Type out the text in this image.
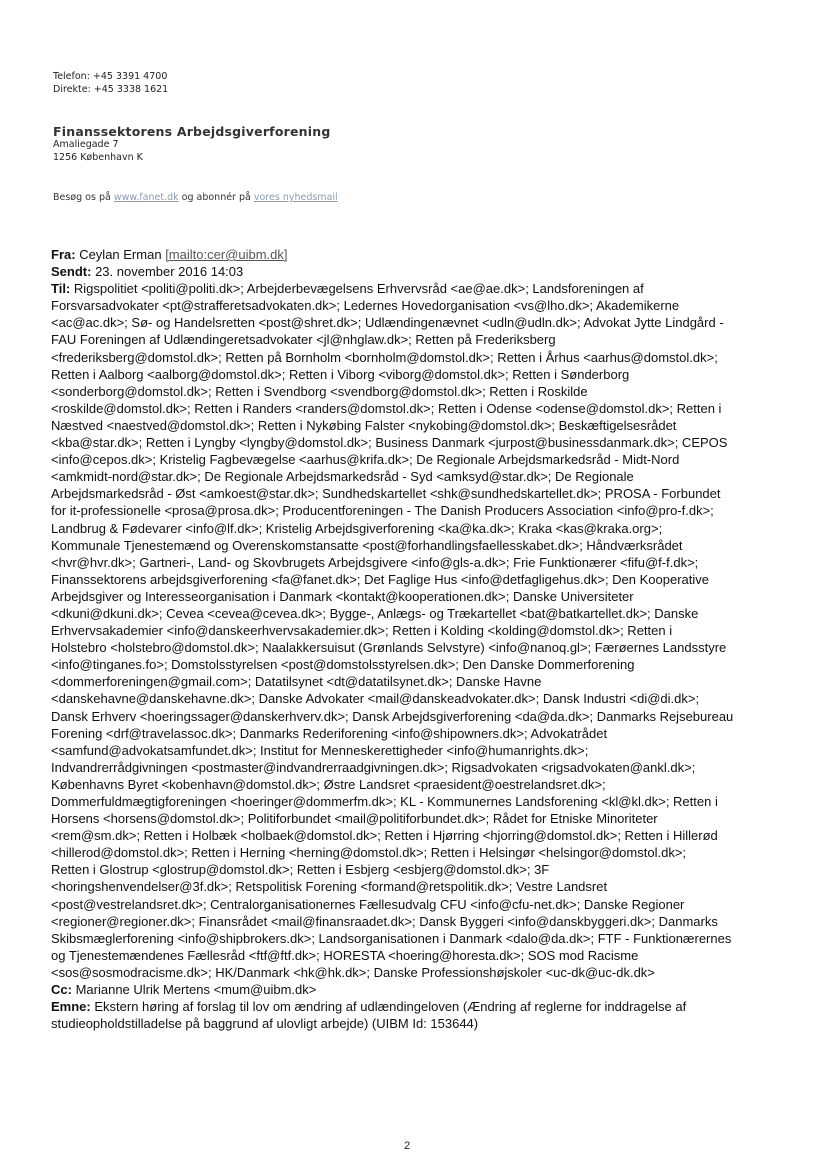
Telefon: +45 3391 4700
Direkte: +45 3338 1621
Finanssektorens Arbejdsgiverforening
Amaliegade 7
1256 København K
Besøg os på www.fanet.dk og abonnér på vores nyhedsmail

Fra: Ceylan Erman [mailto:cer@uibm.dk]

Sendt: 23. november 2016 14:03

Til: Rigspolitiet <politi@politi.dk>; Arbejderbevægelsens Erhvervsråd <ae@ae.dk>; Landsforeningen af
Forsvarsadvokater <pt@strafferetsadvokaten.dk>; Ledernes Hovedorganisation <vs@lho.dk>; Akademikerne
<ac@ac.dk>; Sø- og Handelsretten <post@shret.dk>; Udlændingenævnet <udln@udln.dk>; Advokat Jytte Lindgård -
FAU Foreningen af Udlændingeretsadvokater <jl@nhglaw.dk>; Retten på Frederiksberg
<frederiksberg@domstol.dk>; Retten på Bornholm <bornholm@domstol.dk>; Retten i Århus <aarhus@domstol.dk>;
Retten i Aalborg <aalborg@domstol.dk>; Retten i Viborg <viborg@domstol.dk>; Retten i Sønderborg
<sonderborg@domstol.dk>; Retten i Svendborg <svendborg@domstol.dk>; Retten i Roskilde
<roskilde@domstol.dk>; Retten i Randers <randers@domstol.dk>; Retten i Odense <odense@domstol.dk>; Retten i
Næstved <naestved@domstol.dk>; Retten i Nykøbing Falster <nykobing@domstol.dk>; Beskæftigelsesrådet
<kba@star.dk>; Retten i Lyngby <lyngby@domstol.dk>; Business Danmark <jurpost@businessdanmark.dk>; CEPOS
<info@cepos.dk>; Kristelig Fagbevægelse <aarhus@krifa.dk>; De Regionale Arbejdsmarkedsråd - Midt-Nord
<amkmidt-nord@star.dk>; De Regionale Arbejdsmarkedsråd - Syd <amksyd@star.dk>; De Regionale
Arbejdsmarkedsråd - Øst <amkoest@star.dk>; Sundhedskartellet <shk@sundhedskartellet.dk>; PROSA - Forbundet
for it-professionelle <prosa@prosa.dk>; Producentforeningen - The Danish Producers Association <info@pro-f.dk>;
Landbrug & Fødevarer <info@lf.dk>; Kristelig Arbejdsgiverforening <ka@ka.dk>; Kraka <kas@kraka.org>;
Kommunale Tjenestemænd og Overenskomstansatte <post@forhandlingsfaellesskabet.dk>; Håndværksrådet
<hvr@hvr.dk>; Gartneri-, Land- og Skovbrugets Arbejdsgivere <info@gls-a.dk>; Frie Funktionærer <fifu@f-f.dk>;
Finanssektorens arbejdsgiverforening <fa@fanet.dk>; Det Faglige Hus <info@detfagligehus.dk>; Den Kooperative
Arbejdsgiver og Interesseorganisation i Danmark <kontakt@kooperationen.dk>; Danske Universiteter
<dkuni@dkuni.dk>; Cevea <cevea@cevea.dk>; Bygge-, Anlægs- og Trækartellet <bat@batkartellet.dk>; Danske
Erhvervsakademier <info@danskeerhvervsakademier.dk>; Retten i Kolding <kolding@domstol.dk>; Retten i
Holstebro <holstebro@domstol.dk>; Naalakkersuisut (Grønlands Selvstyre) <info@nanoq.gl>; Færøernes Landsstyre
<info@tinganes.fo>; Domstolsstyrelsen <post@domstolsstyrelsen.dk>; Den Danske Dommerforening
<dommerforeningen@gmail.com>; Datatilsynet <dt@datatilsynet.dk>; Danske Havne
<danskehavne@danskehavne.dk>; Danske Advokater <mail@danskeadvokater.dk>; Dansk Industri <di@di.dk>;
Dansk Erhverv <hoeringssager@danskerhverv.dk>; Dansk Arbejdsgiverforening <da@da.dk>; Danmarks Rejsebureau
Forening <drf@travelassoc.dk>; Danmarks Rederiforening <info@shipowners.dk>; Advokatrådet
<samfund@advokatsamfundet.dk>; Institut for Menneskerettigheder <info@humanrights.dk>;
Indvandrerrådgivningen <postmaster@indvandrerraadgivningen.dk>; Rigsadvokaten <rigsadvokaten@ankl.dk>;
Københavns Byret <kobenhavn@domstol.dk>; Østre Landsret <praesident@oestrelandsret.dk>;
Dommerfuldmægtigforeningen <hoeringer@dommerfm.dk>; KL - Kommunernes Landsforening <kl@kl.dk>; Retten i
Horsens <horsens@domstol.dk>; Politiforbundet <mail@politiforbundet.dk>; Rådet for Etniske Minoriteter
<rem@sm.dk>; Retten i Holbæk <holbaek@domstol.dk>; Retten i Hjørring <hjorring@domstol.dk>; Retten i Hillerød
<hillerod@domstol.dk>; Retten i Herning <herning@domstol.dk>; Retten i Helsingør <helsingor@domstol.dk>;
Retten i Glostrup <glostrup@domstol.dk>; Retten i Esbjerg <esbjerg@domstol.dk>; 3F
<horingshenvendelser@3f.dk>; Retspolitisk Forening <formand@retspolitik.dk>; Vestre Landsret
<post@vestrelandsret.dk>; Centralorganisationernes Fællesudvalg CFU <info@cfu-net.dk>; Danske Regioner
<regioner@regioner.dk>; Finansrådet <mail@finansraadet.dk>; Dansk Byggeri <info@danskbyggeri.dk>; Danmarks
Skibsmæglerforening <info@shipbrokers.dk>; Landsorganisationen i Danmark <dalo@da.dk>; FTF - Funktionærernes
og Tjenestemændenes Fællesråd <ftf@ftf.dk>; HORESTA <hoering@horesta.dk>; SOS mod Racisme
<sos@sosmodracisme.dk>; HK/Danmark <hk@hk.dk>; Danske Professionshøjskoler <uc-dk@uc-dk.dk>

Cc: Marianne Ulrik Mertens <mum@uibm.dk>

Emne: Ekstern høring af forslag til lov om ændring af udlændingeloven (Ændring af reglerne for inddragelse af
studieopholdstilladelse på baggrund af ulovligt arbejde) (UIBM Id: 153644)
2
